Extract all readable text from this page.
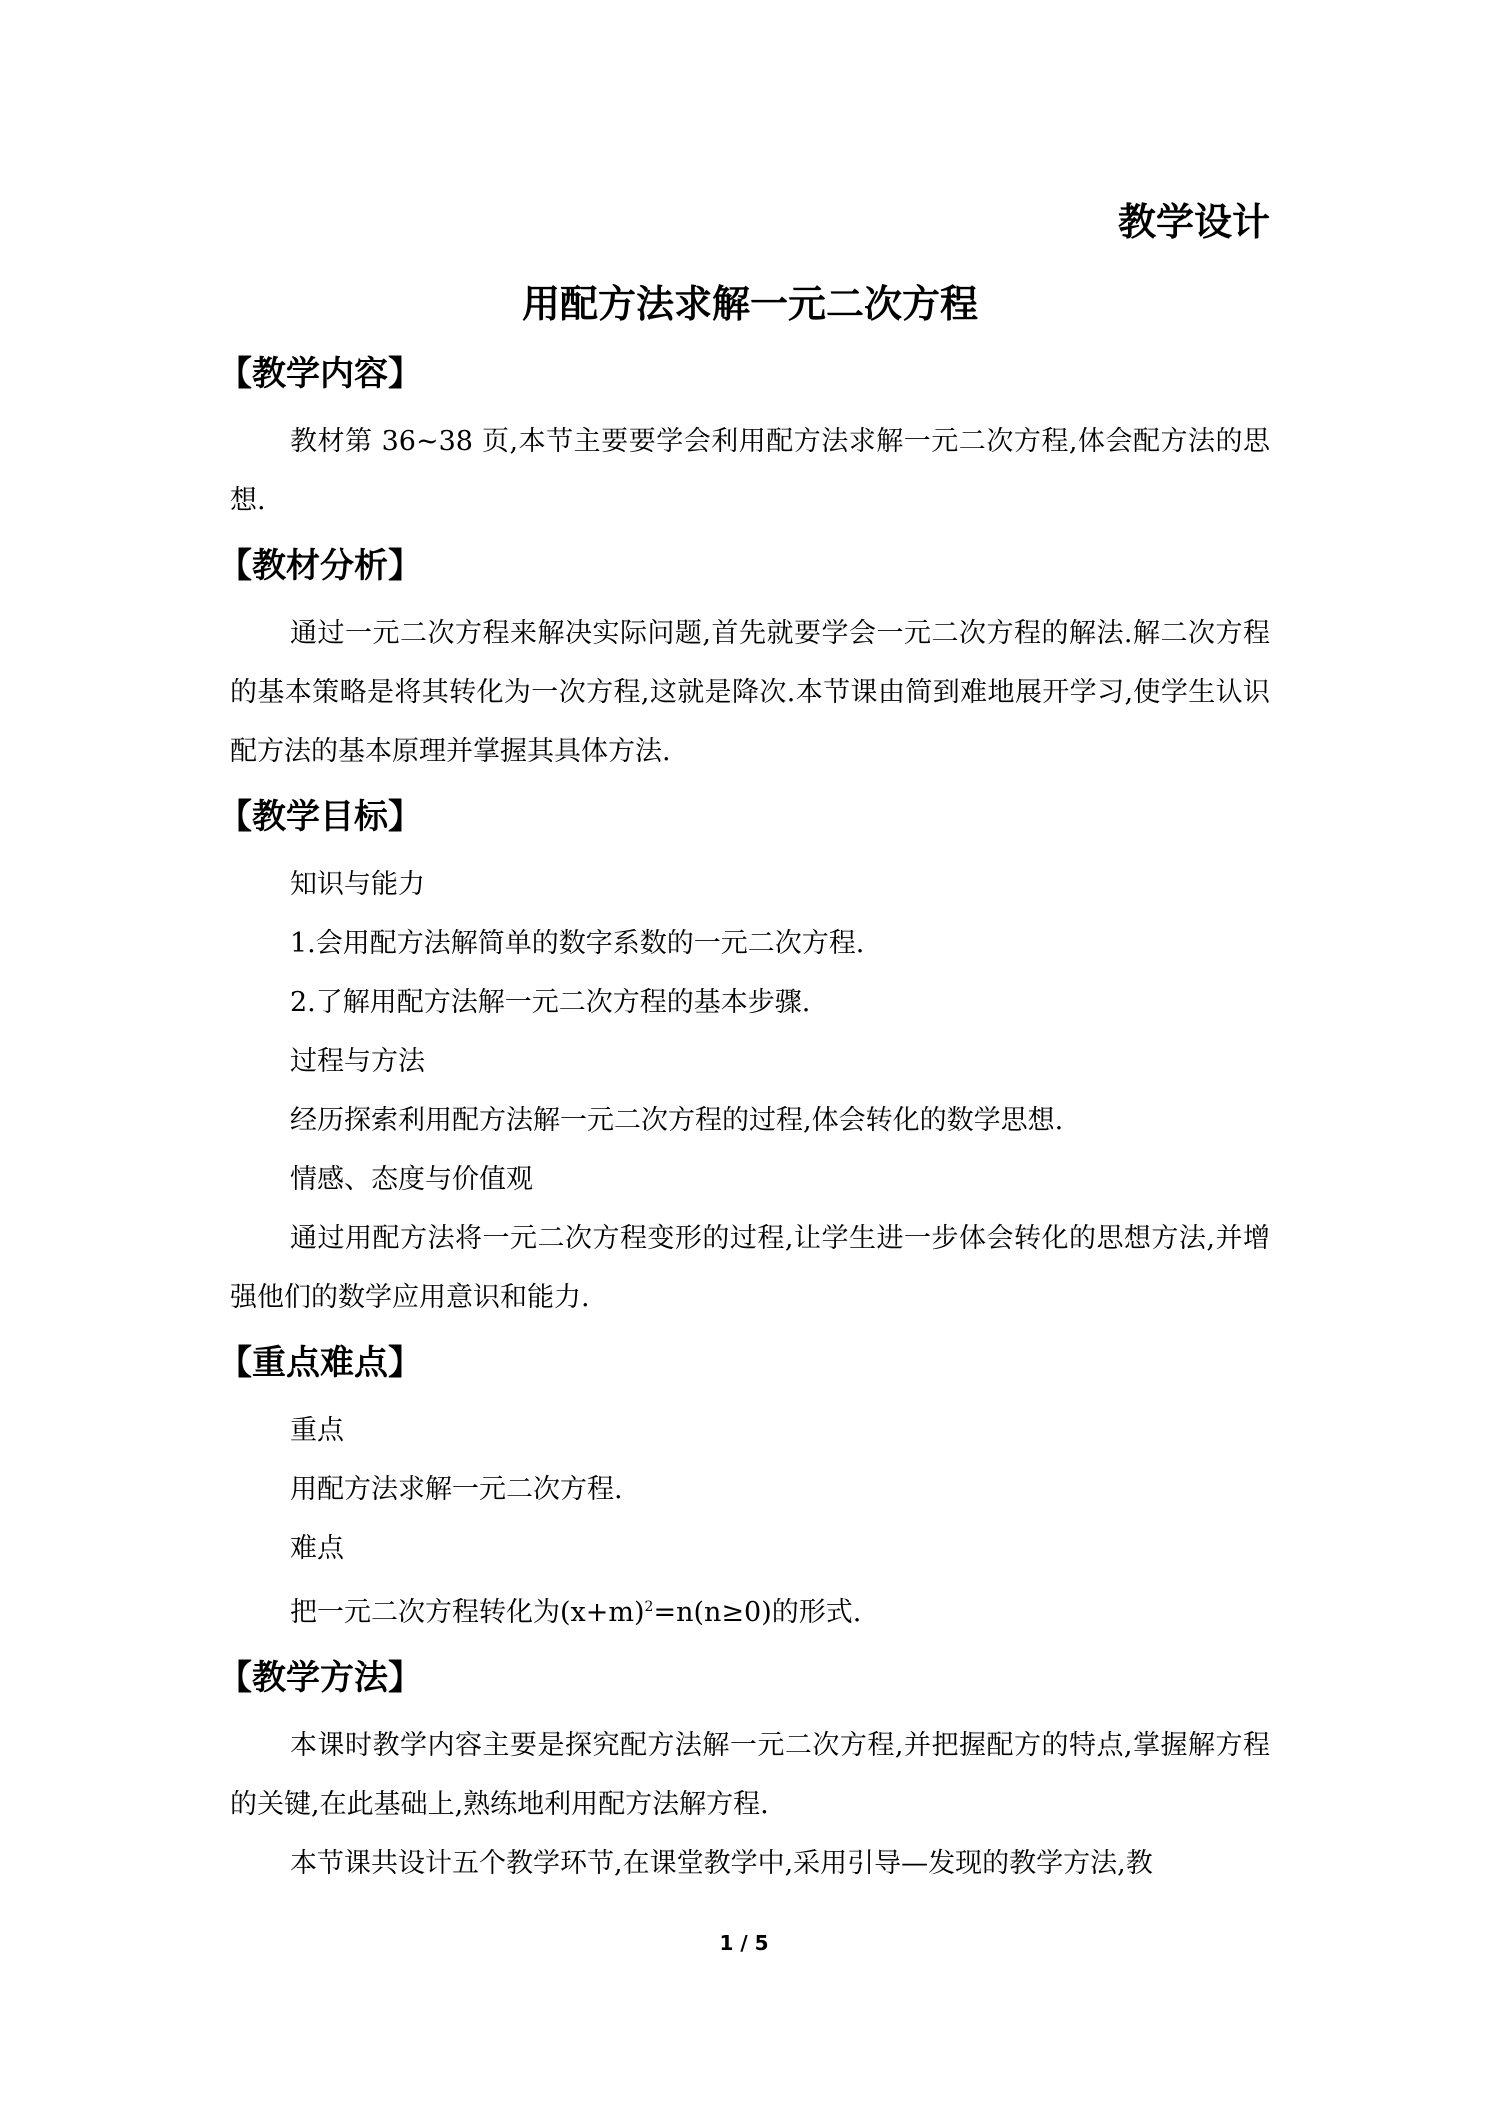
教学设计
用配方法求解一元二次方程
【教学内容】

教材第 36~38 页,本节主要要学会利用配方法求解一元二次方程,体会配方法的思想.

【教材分析】

通过一元二次方程来解决实际问题,首先就要学会一元二次方程的解法.解二次方程的基本策略是将其转化为一次方程,这就是降次.本节课由简到难地展开学习,使学生认识配方法的基本原理并掌握其具体方法.

【教学目标】

知识与能力

1.会用配方法解简单的数字系数的一元二次方程.

2.了解用配方法解一元二次方程的基本步骤.

过程与方法

经历探索利用配方法解一元二次方程的过程,体会转化的数学思想.

情感、态度与价值观

通过用配方法将一元二次方程变形的过程,让学生进一步体会转化的思想方法,并增强他们的数学应用意识和能力.

【重点难点】

重点

用配方法求解一元二次方程.

难点

把一元二次方程转化为$(x+m)^2=n(n\ge 0)$的形式.

【教学方法】

本课时教学内容主要是探究配方法解一元二次方程,并把握配方的特点,掌握解方程的关键,在此基础上,熟练地利用配方法解方程.

本节课共设计五个教学环节,在课堂教学中,采用引导—发现的教学方法,教

1 / 5
